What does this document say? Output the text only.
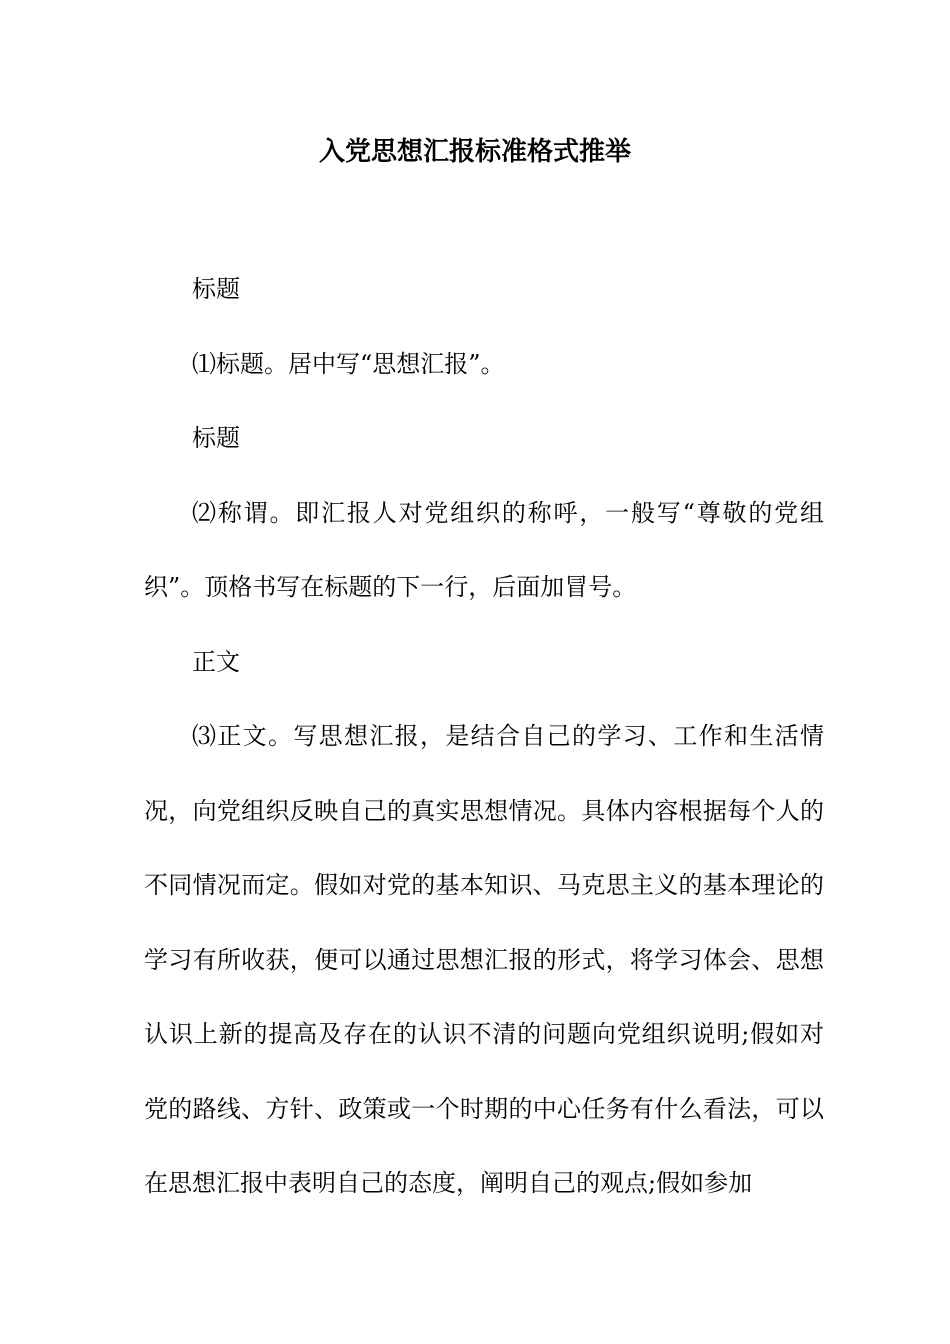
入党思想汇报标准格式推举

标题

⑴标题。居中写“思想汇报”。

标题

⑵称谓。即汇报人对党组织的称呼，一般写“尊敬的党组织”。顶格书写在标题的下一行，后面加冒号。

正文

⑶正文。写思想汇报，是结合自己的学习、工作和生活情况，向党组织反映自己的真实思想情况。具体内容根据每个人的不同情况而定。假如对党的基本知识、马克思主义的基本理论的学习有所收获，便可以通过思想汇报的形式，将学习体会、思想认识上新的提高及存在的认识不清的问题向党组织说明;假如对党的路线、方针、政策或一个时期的中心任务有什么看法，可以在思想汇报中表明自己的态度，阐明自己的观点;假如参加
